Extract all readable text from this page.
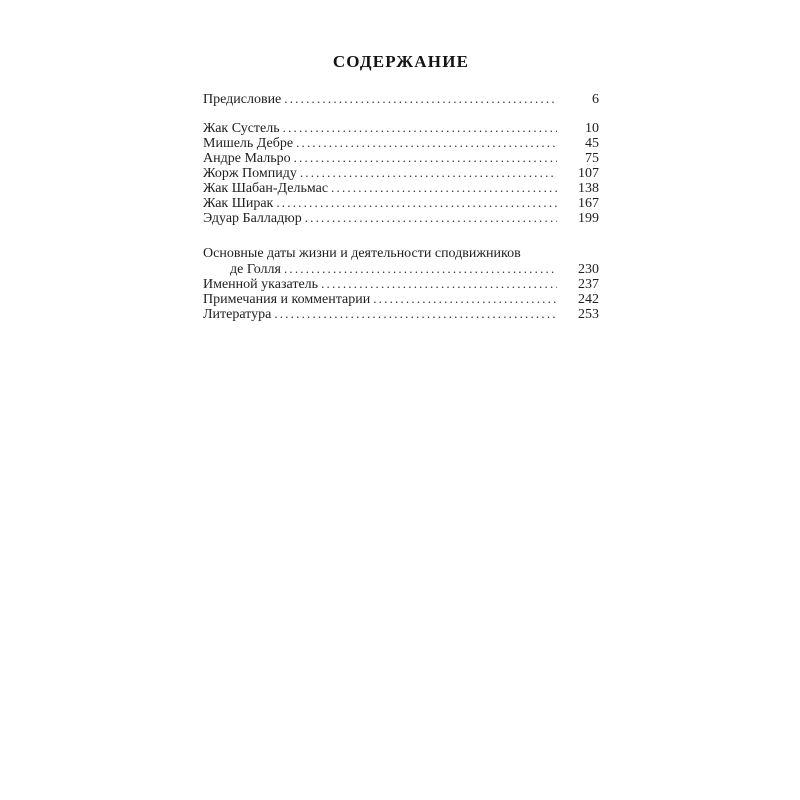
СОДЕРЖАНИЕ
Предисловие .....	6
Жак Сустель .....	10
Мишель Дебре .....	45
Андре Мальро .....	75
Жорж Помпиду .....	107
Жак Шабан-Дельмас .....	138
Жак Ширак .....	167
Эдуар Балладюр .....	199
Основные даты жизни и деятельности сподвижников
де Голля .....	230
Именной указатель .....	237
Примечания и комментарии .....	242
Литература .....	253
